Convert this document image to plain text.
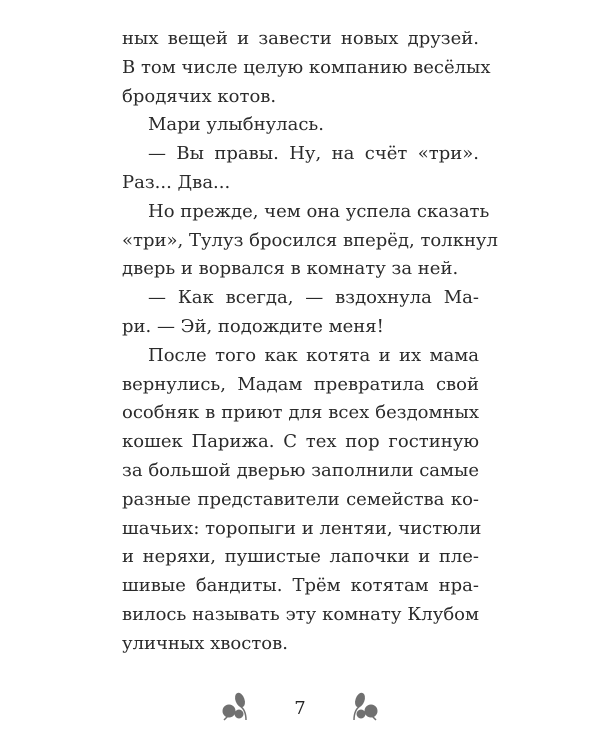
ных вещей и завести новых друзей.
В том числе целую компанию весёлых
бродячих котов.
Мари улыбнулась.
— Вы правы. Ну, на счёт «три».
Раз... Два...
Но прежде, чем она успела сказать
«три», Тулуз бросился вперёд, толкнул
дверь и ворвался в комнату за ней.
— Как всегда, — вздохнула Ма-
ри. — Эй, подождите меня!
После того как котята и их мама
вернулись, Мадам превратила свой
особняк в приют для всех бездомных
кошек Парижа. С тех пор гостиную
за большой дверью заполнили самые
разные представители семейства ко-
шачьих: торопыги и лентяи, чистюли
и неряхи, пушистые лапочки и пле-
шивые бандиты. Трём котятам нра-
вилось называть эту комнату Клубом
уличных хвостов.
7
